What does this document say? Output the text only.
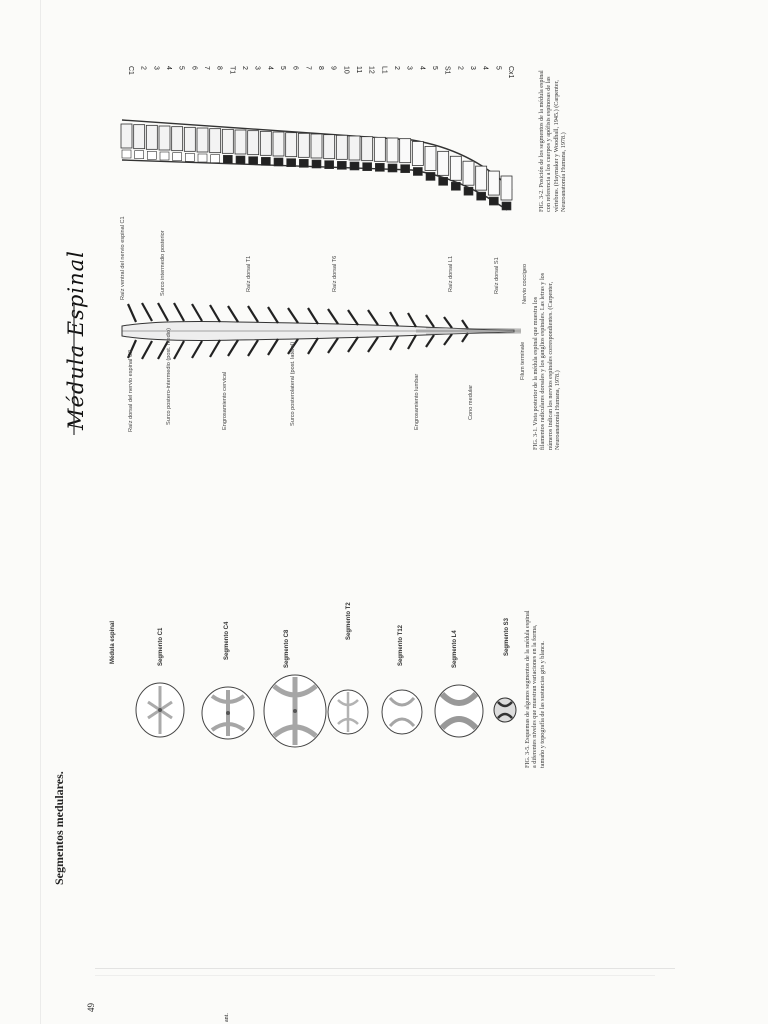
49
ant.
Segmentos medulares.
Médula Espinal
Médula espinal	Segmento C1	Segmento C4	Segmento C8
Segmento T2
Segmento T12	Segmento L4	Segmento S3 FIG. 3-5. Esquemas de algunos segmentos de la médula espinal a diferentes niveles que muestran variaciones en la forma, tamaño y topografía de las sustancias gris y blanca.
Raíz dorsal del nervio espinal C2	Surco postero-intermedio (post. medio)	Engrosamiento cervical	Surco posterolateral (post. lateral)	Engrosamiento lumbar	Cono medular
Filum terminale
Raíz ventral del nervio espinal C1	Surco intermedio posterior	Raíz dorsal T1	Raíz dorsal T6	Raíz dorsal L1	Raíz dorsal S1	Nervio coccígeo
FIG. 3-1. Vista posterior de la médula espinal que muestra los filamentos radiculares dorsales y los ganglios espinales. Las letras y los números indican los nervios espinales correspondientes. (Carpenter, Neuroanatomía Humana, 1978.)
C1 2 3 4 5 6 7 8 T1 2 3 4 5 6 7 8 9 10 11 12 L1 2 3 4 5 S1 2 3 4 5 Cx1	FIG. 3-2. Posición de los segmentos de la médula espinal con referencia a los cuerpos y apófisis espinosas de las vértebras. (Haymaker y Woodhall, 1945.) (Carpenter, Neuroanatomía Humana, 1978.)
